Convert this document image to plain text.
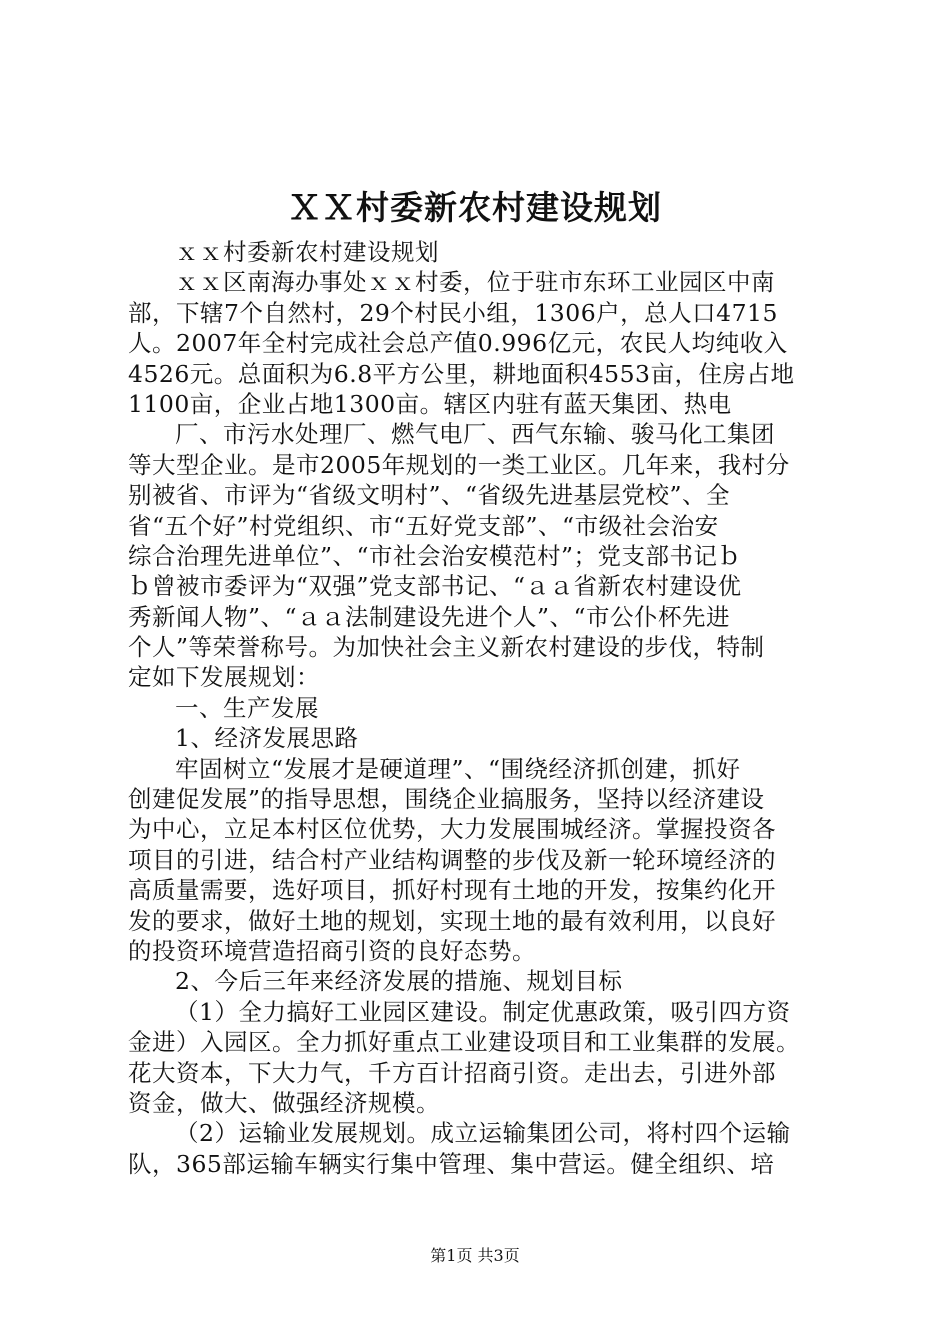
ＸＸ村委新农村建设规划
ｘｘ村委新农村建设规划
ｘｘ区南海办事处ｘｘ村委，位于驻市东环工业园区中南
部，下辖7个自然村，29个村民小组，1306户，总人口4715
人。2007年全村完成社会总产值0.996亿元，农民人均纯收入
4526元。总面积为6.8平方公里，耕地面积4553亩，住房占地
1100亩，企业占地1300亩。辖区内驻有蓝天集团、热电
厂、市污水处理厂、燃气电厂、西气东输、骏马化工集团
等大型企业。是市2005年规划的一类工业区。几年来，我村分
别被省、市评为“省级文明村”、“省级先进基层党校”、全
省“五个好”村党组织、市“五好党支部”、“市级社会治安
综合治理先进单位”、“市社会治安模范村”；党支部书记ｂ
ｂ曾被市委评为“双强”党支部书记、“ａａ省新农村建设优
秀新闻人物”、“ａａ法制建设先进个人”、“市公仆杯先进
个人”等荣誉称号。为加快社会主义新农村建设的步伐，特制
定如下发展规划：
一、生产发展
1、经济发展思路
牢固树立“发展才是硬道理”、“围绕经济抓创建，抓好
创建促发展”的指导思想，围绕企业搞服务，坚持以经济建设
为中心，立足本村区位优势，大力发展围城经济。掌握投资各
项目的引进，结合村产业结构调整的步伐及新一轮环境经济的
高质量需要，选好项目，抓好村现有土地的开发，按集约化开
发的要求，做好土地的规划，实现土地的最有效利用，以良好
的投资环境营造招商引资的良好态势。
2、今后三年来经济发展的措施、规划目标
（1）全力搞好工业园区建设。制定优惠政策，吸引四方资
金进）入园区。全力抓好重点工业建设项目和工业集群的发展。
花大资本，下大力气，千方百计招商引资。走出去，引进外部
资金，做大、做强经济规模。
（2）运输业发展规划。成立运输集团公司，将村四个运输
队，365部运输车辆实行集中管理、集中营运。健全组织、培
第1页 共3页
